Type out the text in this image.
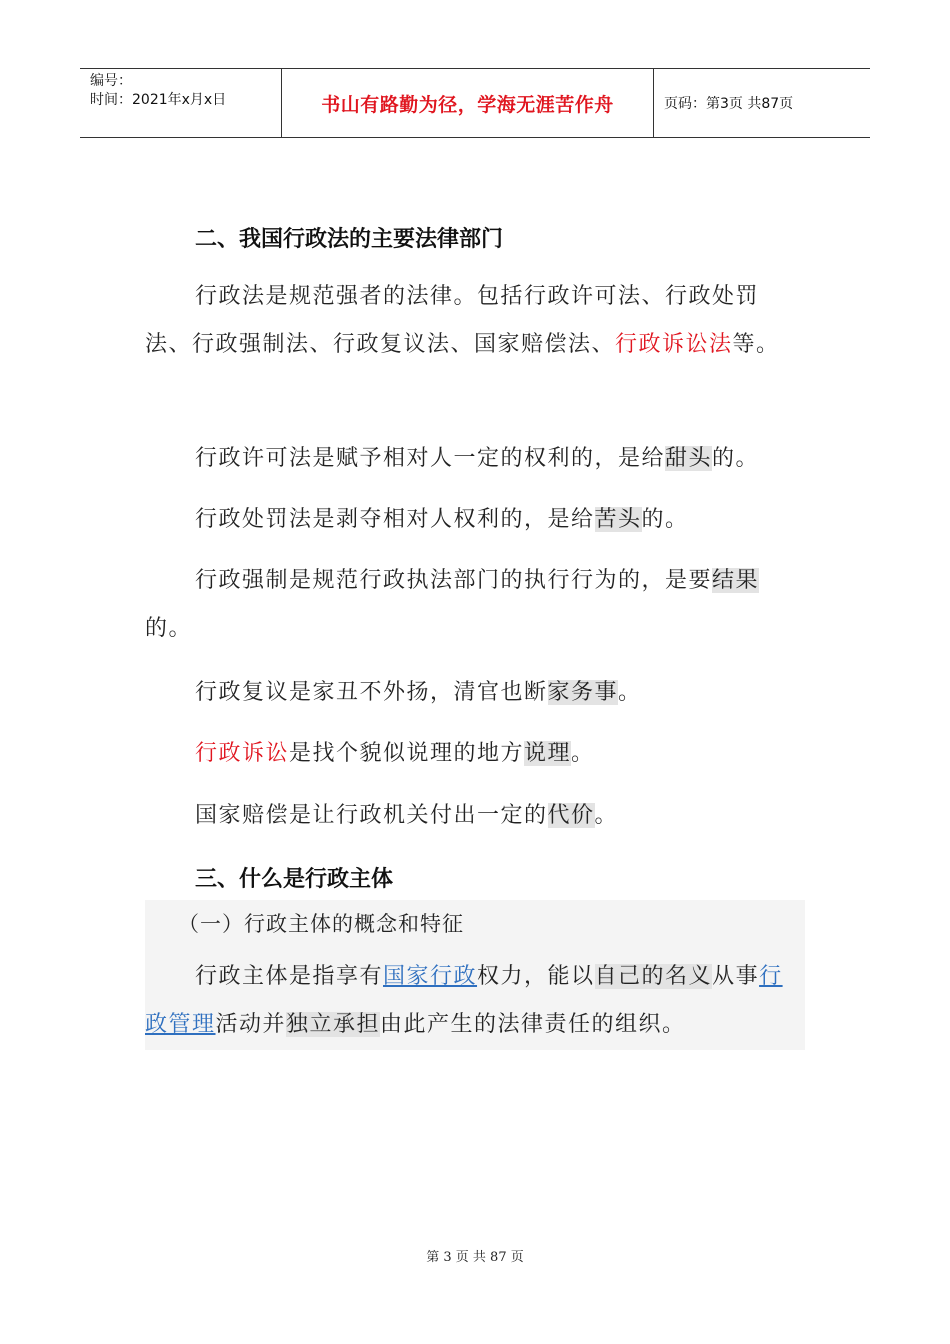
编号：
时间：2021年x月x日	书山有路勤为径，学海无涯苦作舟	页码：第3页 共87页
二、我国行政法的主要法律部门
行政法是规范强者的法律。包括行政许可法、行政处罚法、行政强制法、行政复议法、国家赔偿法、行政诉讼法等。
行政许可法是赋予相对人一定的权利的，是给甜头的。
行政处罚法是剥夺相对人权利的，是给苦头的。
行政强制是规范行政执法部门的执行行为的，是要结果的。
行政复议是家丑不外扬，清官也断家务事。
行政诉讼是找个貌似说理的地方说理。
国家赔偿是让行政机关付出一定的代价。
三、什么是行政主体
（一）行政主体的概念和特征
行政主体是指享有国家行政权力，能以自己的名义从事行政管理活动并独立承担由此产生的法律责任的组织。
第 3 页 共 87 页
